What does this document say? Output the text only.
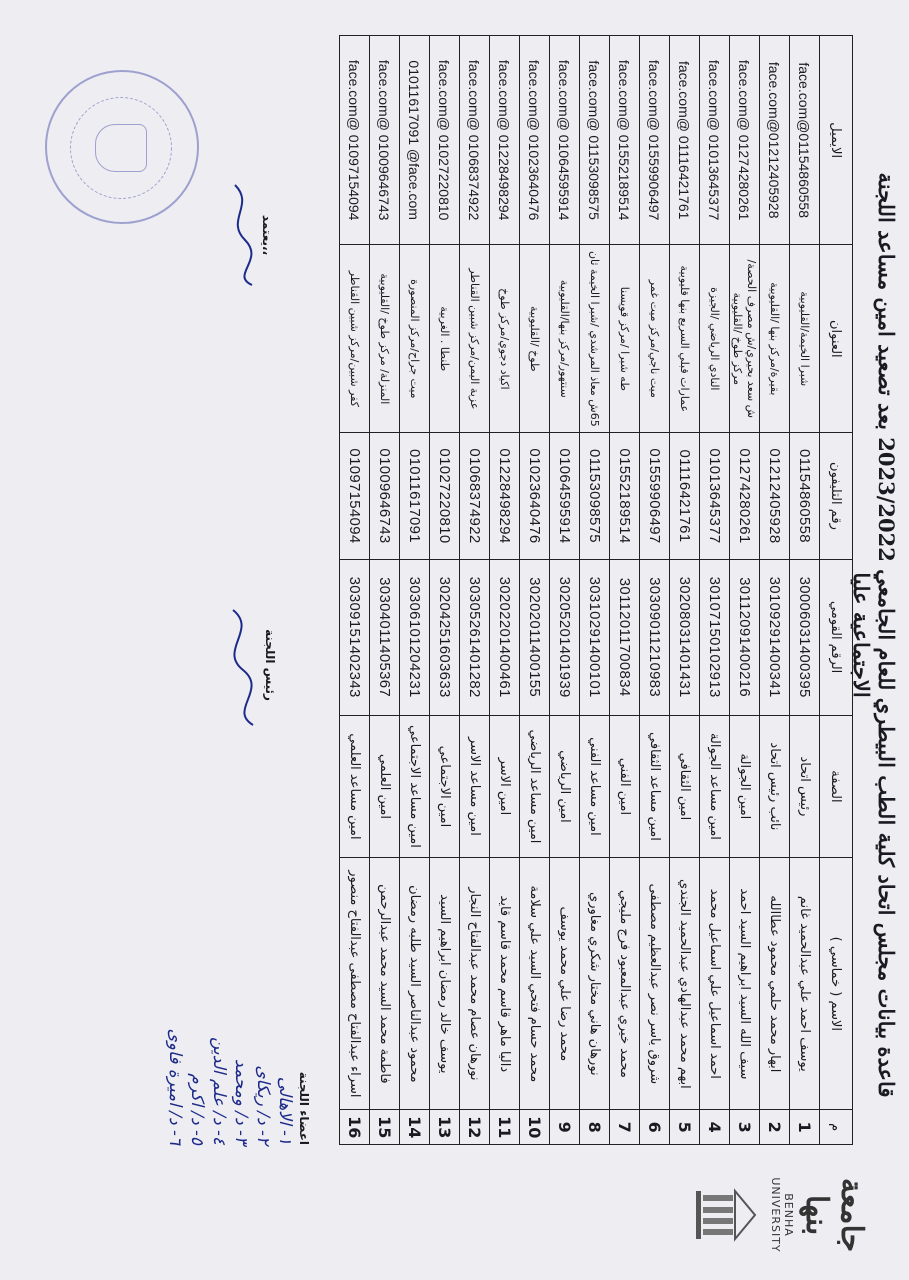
جامعة بنها
BENHA UNIVERSITY
قاعدة بيانات مجلس اتحاد كلية الطب البيطري للعام الجامعي 2023/2022 بعد تصعيد امين مساعد اللجنة الاجتماعية عليا
م	الاسم ( خماسي )	الصفة	الرقم القومي	رقم التليفون	العنوان	الايميل
1	يوسف احمد علي عبدالحميد غانم	رئيس اتحاد	30006031400395	01154860558	شبرا الخيمة/القليوبية	face.com@01154860558
2	ابهار محمد حلمي محمود عطاالله	نائب رئيس اتحاد	30109291400341	01212405928	بقيرة/مركز بنها /القليوبية	face.com@01212405928
3	سيف الله السيد ابراهيم السيد احمد	امين الجوالة	30112091400216	01274280261	ش سعد بحيري/ش مصرف الحصة/مركز طوخ /القليوبية	face.com@ 01274280261
4	احمد اسماعيل علي اسماعيل محمد	امين مساعد الجوالة	30107150102913	01013645377	النادي الرياضي /الجيزة	face.com@ 01013645377
5	ابهم محمد عبدالهادي عبدالحميد الجندي	امين الثقافي	30208031401431	01116421761	عمارات قبلي السريع بنها قليوبية	face.com@ 01116421761
6	شروق ياسر نصر عبدالعظيم مصطفى	امين مساعد الثقافي	30309011210983	01559906497	ميت ناجي/مركز ميت غمر	face.com@ 01559906497
7	محمد خيري عبدالمعبود فرج مليجي	امين الفني	30112011700834	01552189514	طه شبرا /مركز قويسنا	face.com@ 01552189514
8	نورهان هاني مختار شكري مغاوري	امين مساعد الفني	30310291400101	01153098575	65ش معاذ المرشدي /شبرا الخيمة ثان	face.com@ 01153098575
9	محمد رضا علي محمد يوسف	امين الرياضي	30205201401939	01064595914	سنتهور/مركز بنها/القليوبية	face.com@ 01064595914
10	محمد حسام فتحي السيد علي سلامة	امين مساعد الرياضي	30202011400155	01023640476	طوخ /القليوبية	face.com@ 01023640476
11	داليا ماهر قاسم محمد قاسم قايد	امين الاسر	30202201400461	01228498294	اكياد دجوي/مركز طوخ	face.com@ 01228498294
12	نورهان عصام محمد عبدالفتاح النجار	امين مساعد الاسر	30305261401282	01068374922	عزبة اليمن/مركز شبين القناطر	face.com@ 01068374922
13	يوسف خالد رمضان ابراهيم السيد	امين الاجتماعي	30204251603633	01027220810	طنطا . الغربية	face.com@ 01027220810
14	محمود عبدالناصر السيد طلبه رمضان	امين مساعد الاجتماعي	30306101204231	01011617091	ميت جراح/مركز المنصورة	01011617091 @face.com
15	فاطمة محمد السيد محمد عبدالرحمن	امين العلمي	30304011405367	01009646743	المنزلة/ مركز طوخ /القليوبية	face.com@ 01009646743
16	اسراء عبدالفتاح مصطفى عبدالفتاح منصور	امين مساعد العلمي	30309151402343	01097154094	كفر شبين/مركز شبين القناطر	face.com@ 01097154094
اعضاء اللجنة
١- الاهالى
٢- د/ ريكاى
٣- د/ ومحمد
٤- د/ علم الدين
٥- د/ اكرم
٦- د/ اميرة فاوى
رئيس اللجنة
يعتمد،،
